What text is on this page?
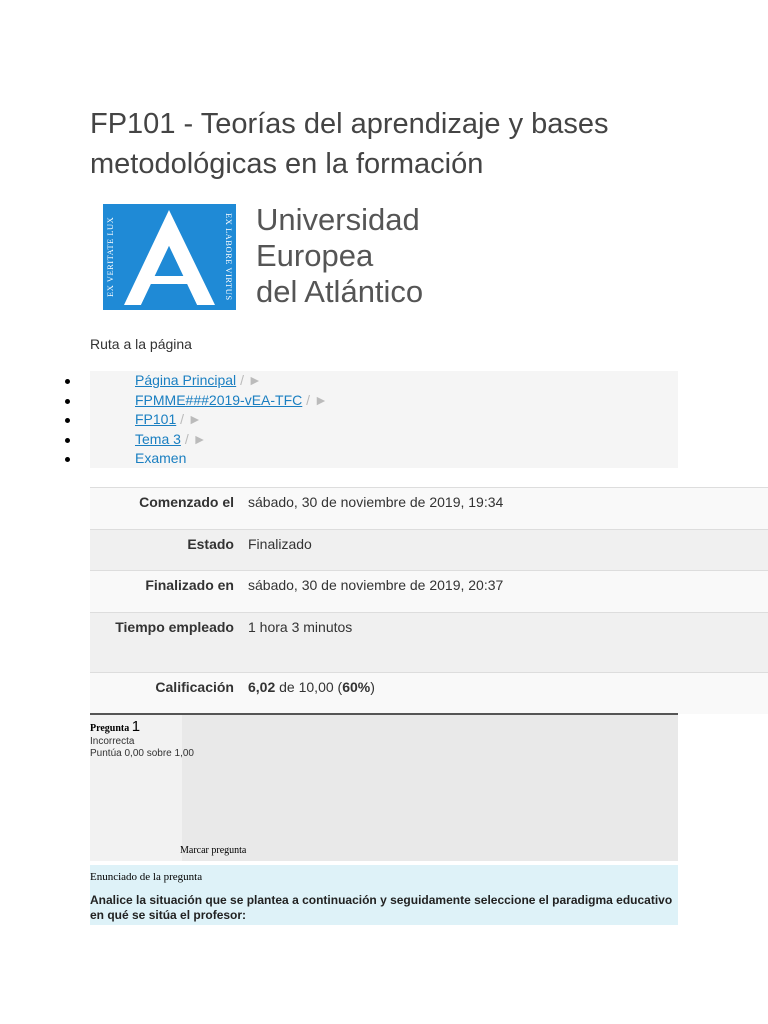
FP101 - Teorías del aprendizaje y bases metodológicas en la formación
EX VERITATE LUX	EX LABORE VIRTUS Universidad
Europea
del Atlántico
Ruta a la página
Página Principal / ►
FPMME###2019-vEA-TFC / ►
FP101 / ►
Tema 3 / ►
Examen
Comenzado el	sábado, 30 de noviembre de 2019, 19:34
Estado	Finalizado
Finalizado en	sábado, 30 de noviembre de 2019, 20:37
Tiempo empleado	1 hora 3 minutos
Calificación	6,02 de 10,00 (60%)
Pregunta 1
Incorrecta
Puntúa 0,00 sobre 1,00
Marcar pregunta
Enunciado de la pregunta
Analice la situación que se plantea a continuación y seguidamente seleccione el paradigma educativo en qué se sitúa el profesor:
